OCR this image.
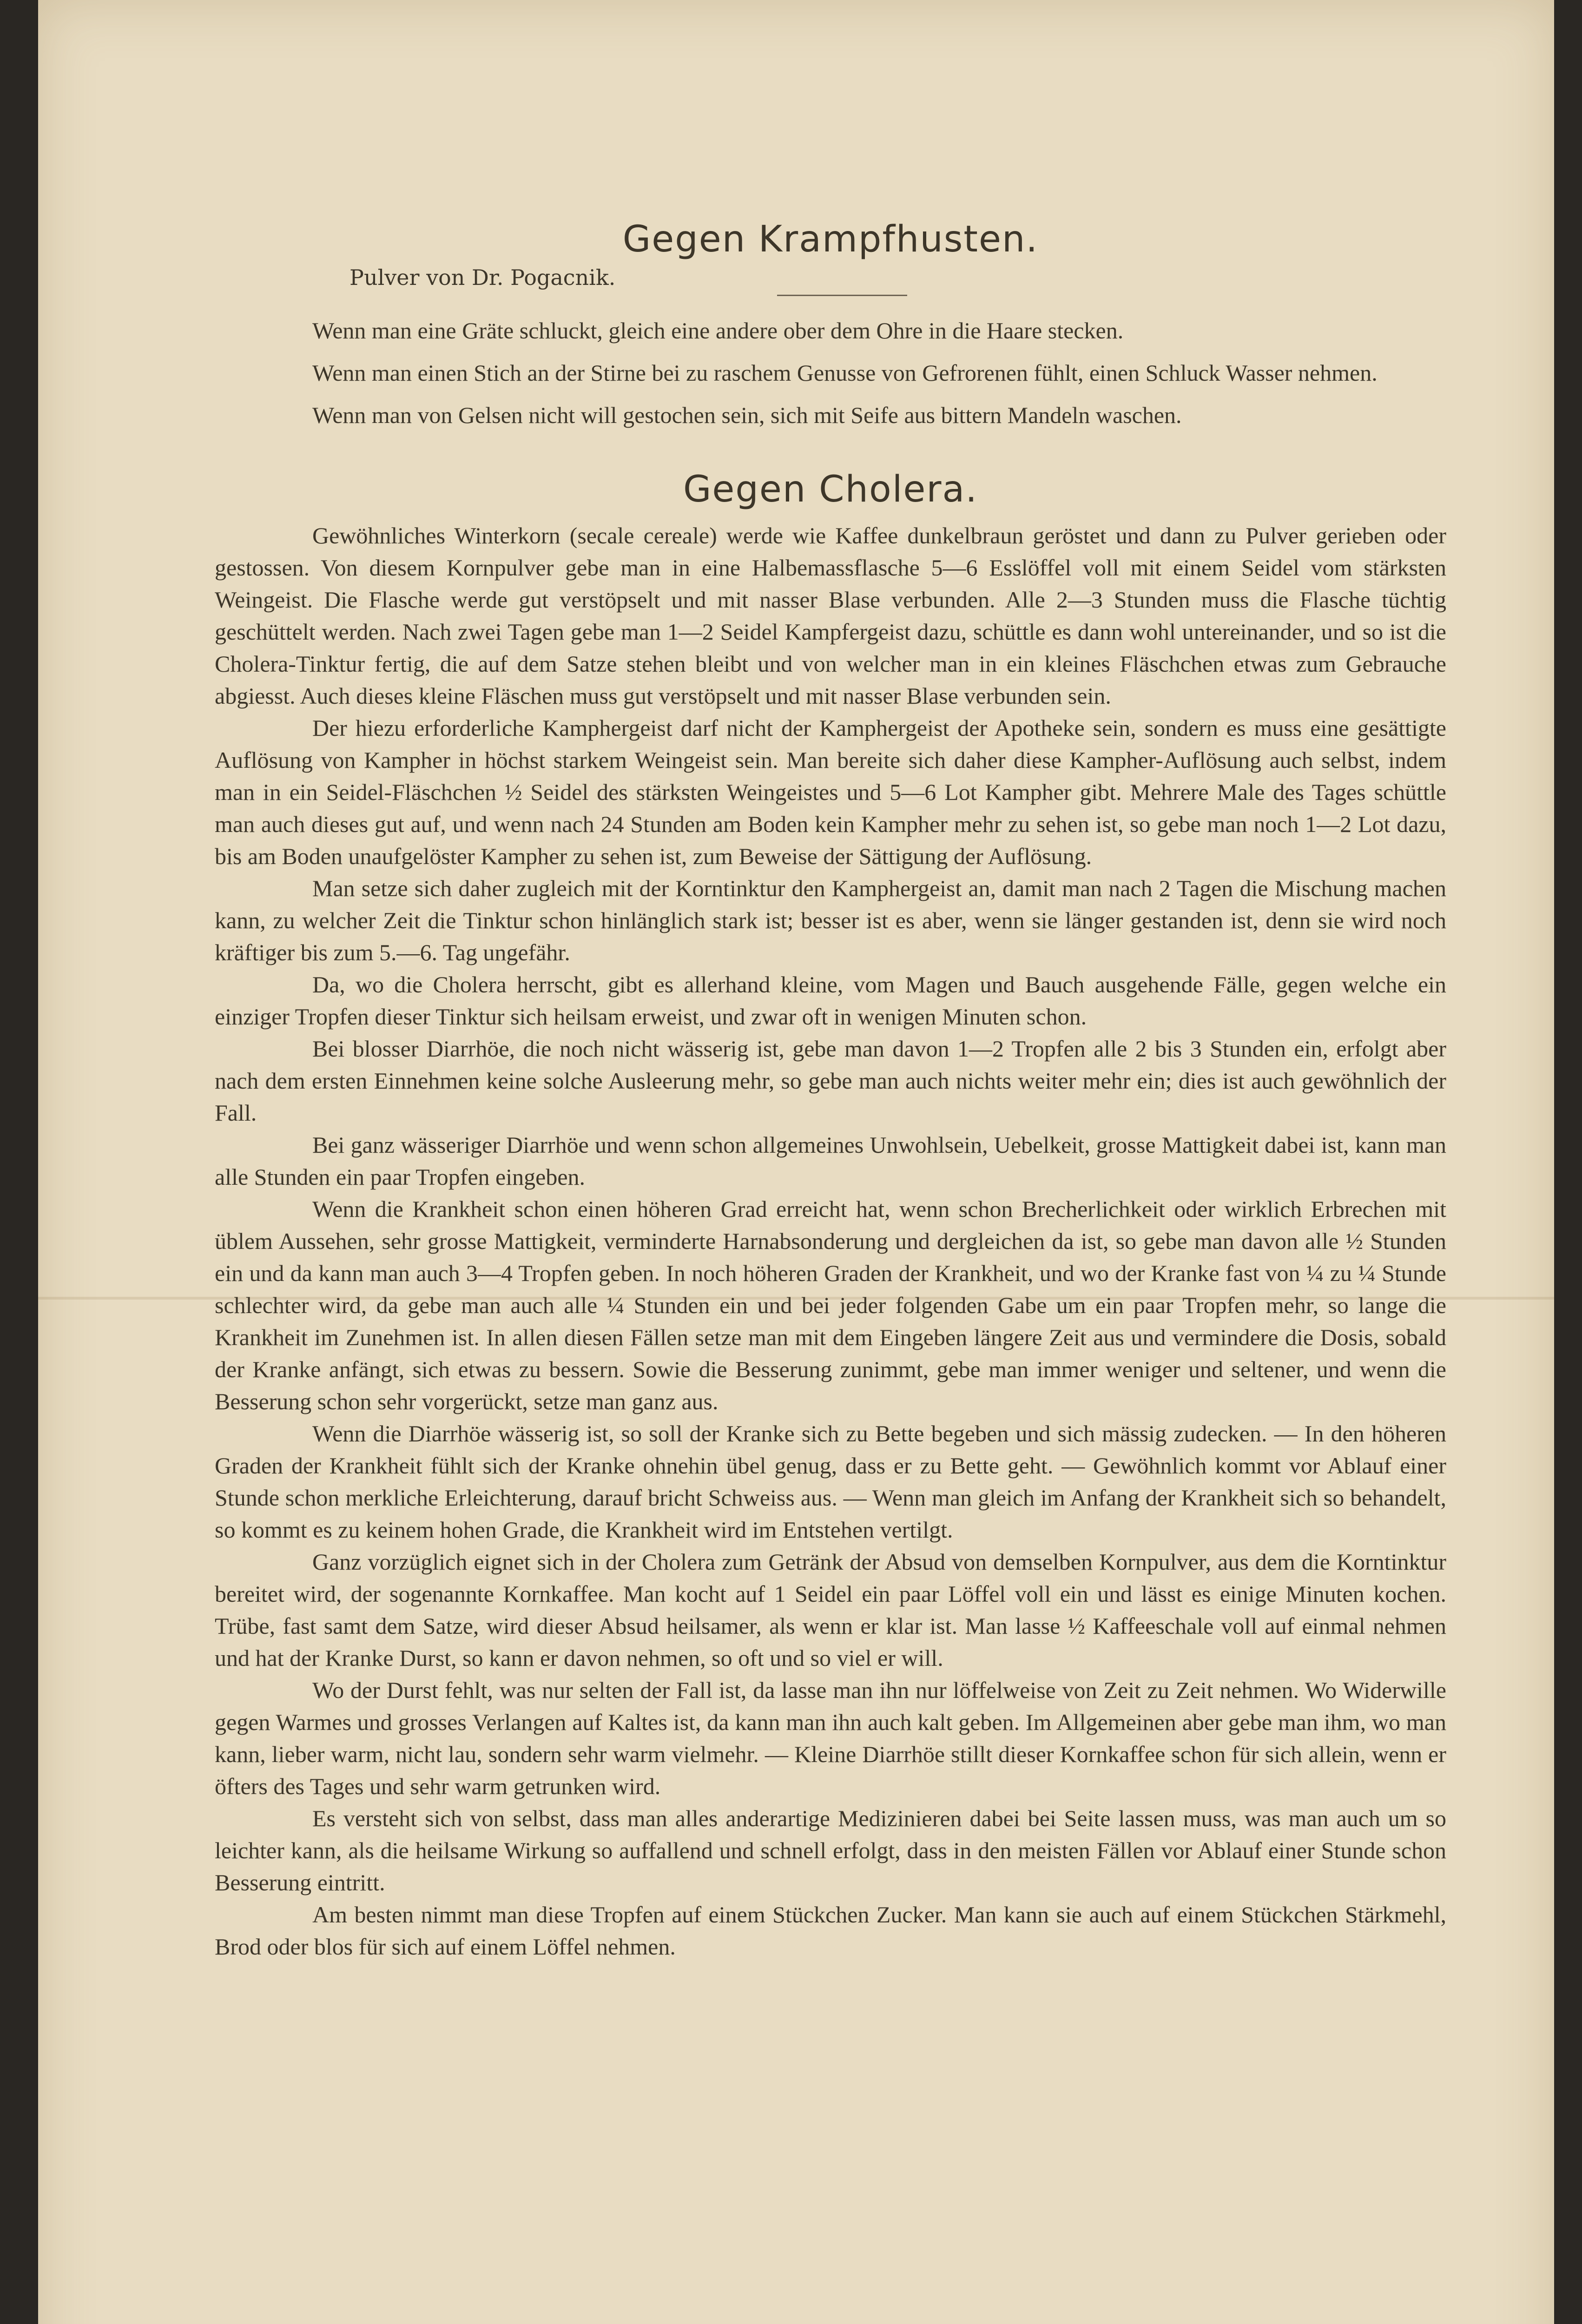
Gegen Krampfhusten.
Pulver von Dr. Pogacnik.

Wenn man eine Gräte schluckt, gleich eine andere ober dem Ohre in die Haare stecken.

Wenn man einen Stich an der Stirne bei zu raschem Genusse von Gefrorenen fühlt, einen Schluck Wasser nehmen.

Wenn man von Gelsen nicht will gestochen sein, sich mit Seife aus bittern Mandeln waschen.

Gegen Cholera.

Gewöhnliches Winterkorn (secale cereale) werde wie Kaffee dunkelbraun geröstet und dann zu Pulver gerieben oder gestossen. Von diesem Kornpulver gebe man in eine Halbemassflasche 5—6 Esslöffel voll mit einem Seidel vom stärksten Weingeist. Die Flasche werde gut verstöpselt und mit nasser Blase verbunden. Alle 2—3 Stunden muss die Flasche tüchtig geschüttelt werden. Nach zwei Tagen gebe man 1—2 Seidel Kampfergeist dazu, schüttle es dann wohl untereinander, und so ist die Cholera-Tinktur fertig, die auf dem Satze stehen bleibt und von welcher man in ein kleines Fläschchen etwas zum Gebrauche abgiesst. Auch dieses kleine Fläschen muss gut verstöpselt und mit nasser Blase verbunden sein.

Der hiezu erforderliche Kamphergeist darf nicht der Kamphergeist der Apotheke sein, sondern es muss eine gesättigte Auflösung von Kampher in höchst starkem Weingeist sein. Man bereite sich daher diese Kampher-Auflösung auch selbst, indem man in ein Seidel-Fläschchen ½ Seidel des stärksten Weingeistes und 5—6 Lot Kampher gibt. Mehrere Male des Tages schüttle man auch dieses gut auf, und wenn nach 24 Stunden am Boden kein Kampher mehr zu sehen ist, so gebe man noch 1—2 Lot dazu, bis am Boden unaufgelöster Kampher zu sehen ist, zum Beweise der Sättigung der Auflösung.

Man setze sich daher zugleich mit der Korntinktur den Kamphergeist an, damit man nach 2 Tagen die Mischung machen kann, zu welcher Zeit die Tinktur schon hinlänglich stark ist; besser ist es aber, wenn sie länger gestanden ist, denn sie wird noch kräftiger bis zum 5.—6. Tag ungefähr.

Da, wo die Cholera herrscht, gibt es allerhand kleine, vom Magen und Bauch ausgehende Fälle, gegen welche ein einziger Tropfen dieser Tinktur sich heilsam erweist, und zwar oft in wenigen Minuten schon.

Bei blosser Diarrhöe, die noch nicht wässerig ist, gebe man davon 1—2 Tropfen alle 2 bis 3 Stunden ein, erfolgt aber nach dem ersten Einnehmen keine solche Ausleerung mehr, so gebe man auch nichts weiter mehr ein; dies ist auch gewöhnlich der Fall.

Bei ganz wässeriger Diarrhöe und wenn schon allgemeines Unwohlsein, Uebelkeit, grosse Mattigkeit dabei ist, kann man alle Stunden ein paar Tropfen eingeben.

Wenn die Krankheit schon einen höheren Grad erreicht hat, wenn schon Brecherlichkeit oder wirklich Erbrechen mit üblem Aussehen, sehr grosse Mattigkeit, verminderte Harnabsonderung und dergleichen da ist, so gebe man davon alle ½ Stunden ein und da kann man auch 3—4 Tropfen geben. In noch höheren Graden der Krankheit, und wo der Kranke fast von ¼ zu ¼ Stunde schlechter wird, da gebe man auch alle ¼ Stunden ein und bei jeder folgenden Gabe um ein paar Tropfen mehr, so lange die Krankheit im Zunehmen ist. In allen diesen Fällen setze man mit dem Eingeben längere Zeit aus und vermindere die Dosis, sobald der Kranke anfängt, sich etwas zu bessern. Sowie die Besserung zunimmt, gebe man immer weniger und seltener, und wenn die Besserung schon sehr vorgerückt, setze man ganz aus.

Wenn die Diarrhöe wässerig ist, so soll der Kranke sich zu Bette begeben und sich mässig zudecken. — In den höheren Graden der Krankheit fühlt sich der Kranke ohnehin übel genug, dass er zu Bette geht. — Gewöhnlich kommt vor Ablauf einer Stunde schon merkliche Erleichterung, darauf bricht Schweiss aus. — Wenn man gleich im Anfang der Krankheit sich so behandelt, so kommt es zu keinem hohen Grade, die Krankheit wird im Entstehen vertilgt.

Ganz vorzüglich eignet sich in der Cholera zum Getränk der Absud von demselben Kornpulver, aus dem die Korntinktur bereitet wird, der sogenannte Kornkaffee. Man kocht auf 1 Seidel ein paar Löffel voll ein und lässt es einige Minuten kochen. Trübe, fast samt dem Satze, wird dieser Absud heilsamer, als wenn er klar ist. Man lasse ½ Kaffeeschale voll auf einmal nehmen und hat der Kranke Durst, so kann er davon nehmen, so oft und so viel er will.

Wo der Durst fehlt, was nur selten der Fall ist, da lasse man ihn nur löffelweise von Zeit zu Zeit nehmen. Wo Widerwille gegen Warmes und grosses Verlangen auf Kaltes ist, da kann man ihn auch kalt geben. Im Allgemeinen aber gebe man ihm, wo man kann, lieber warm, nicht lau, sondern sehr warm vielmehr. — Kleine Diarrhöe stillt dieser Kornkaffee schon für sich allein, wenn er öfters des Tages und sehr warm getrunken wird.

Es versteht sich von selbst, dass man alles anderartige Medizinieren dabei bei Seite lassen muss, was man auch um so leichter kann, als die heilsame Wirkung so auffallend und schnell erfolgt, dass in den meisten Fällen vor Ablauf einer Stunde schon Besserung eintritt.

Am besten nimmt man diese Tropfen auf einem Stückchen Zucker. Man kann sie auch auf einem Stückchen Stärkmehl, Brod oder blos für sich auf einem Löffel nehmen.
